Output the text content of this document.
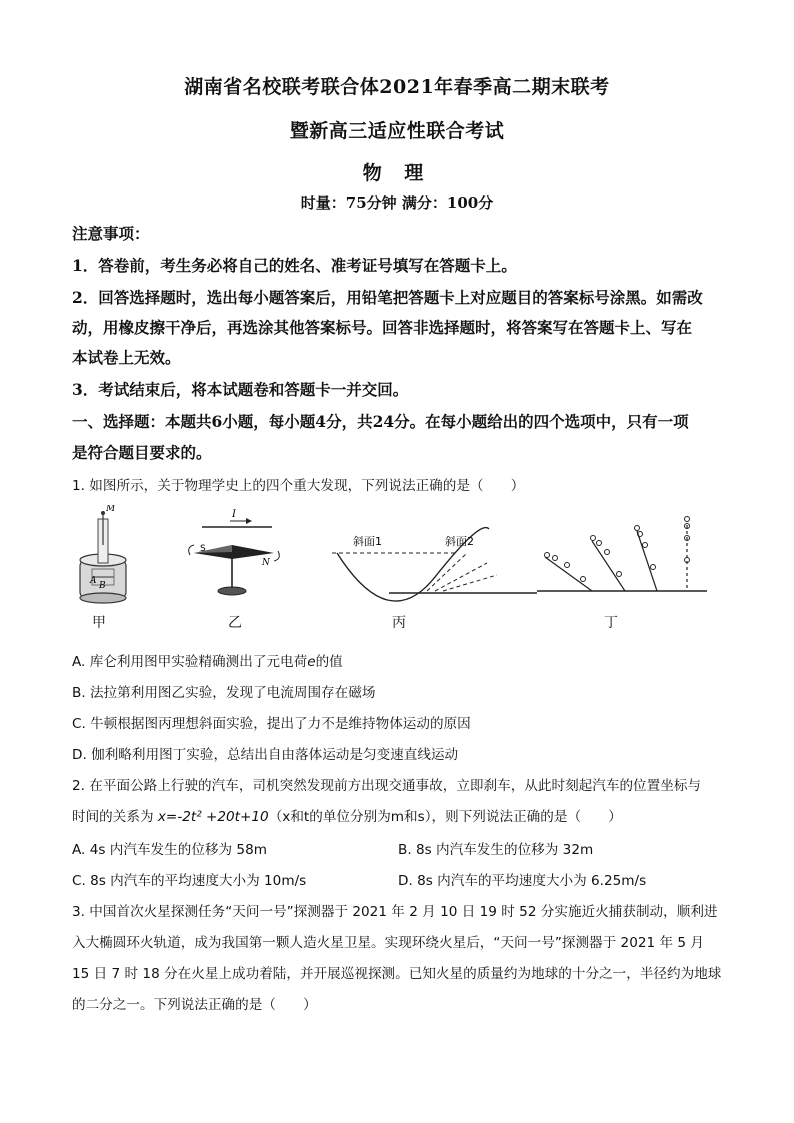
湖南省名校联考联合体2021年春季高二期末联考
暨新高三适应性联合考试
物 理
时量：75分钟 满分：100分
注意事项：
1．答卷前，考生务必将自己的姓名、准考证号填写在答题卡上。
2．回答选择题时，选出每小题答案后，用铅笔把答题卡上对应题目的答案标号涂黑。如需改
动，用橡皮擦干净后，再选涂其他答案标号。回答非选择题时，将答案写在答题卡上、写在
本试卷上无效。
3．考试结束后，将本试题卷和答题卡一并交回。
一、选择题：本题共6小题，每小题4分，共24分。在每小题给出的四个选项中，只有一项
是符合题目要求的。
1. 如图所示，关于物理学史上的四个重大发现，下列说法正确的是（　　）
M
A B
I
S
N
斜面1	斜面2
甲	乙	丙	丁
A. 库仑利用图甲实验精确测出了元电荷e的值
B. 法拉第利用图乙实验，发现了电流周围存在磁场
C. 牛顿根据图丙理想斜面实验，提出了力不是维持物体运动的原因
D. 伽利略利用图丁实验，总结出自由落体运动是匀变速直线运动
2. 在平面公路上行驶的汽车，司机突然发现前方出现交通事故，立即刹车，从此时刻起汽车的位置坐标与
时间的关系为 x=-2t² +20t+10（x和t的单位分别为m和s），则下列说法正确的是（　　）
A. 4s 内汽车发生的位移为 58m	B. 8s 内汽车发生的位移为 32m
C. 8s 内汽车的平均速度大小为 10m/s	D. 8s 内汽车的平均速度大小为 6.25m/s
3. 中国首次火星探测任务“天问一号”探测器于 2021 年 2 月 10 日 19 时 52 分实施近火捕获制动，顺利进
入大椭圆环火轨道，成为我国第一颗人造火星卫星。实现环绕火星后，“天问一号”探测器于 2021 年 5 月
15 日 7 时 18 分在火星上成功着陆，并开展巡视探测。已知火星的质量约为地球的十分之一，半径约为地球
的二分之一。下列说法正确的是（　　）
